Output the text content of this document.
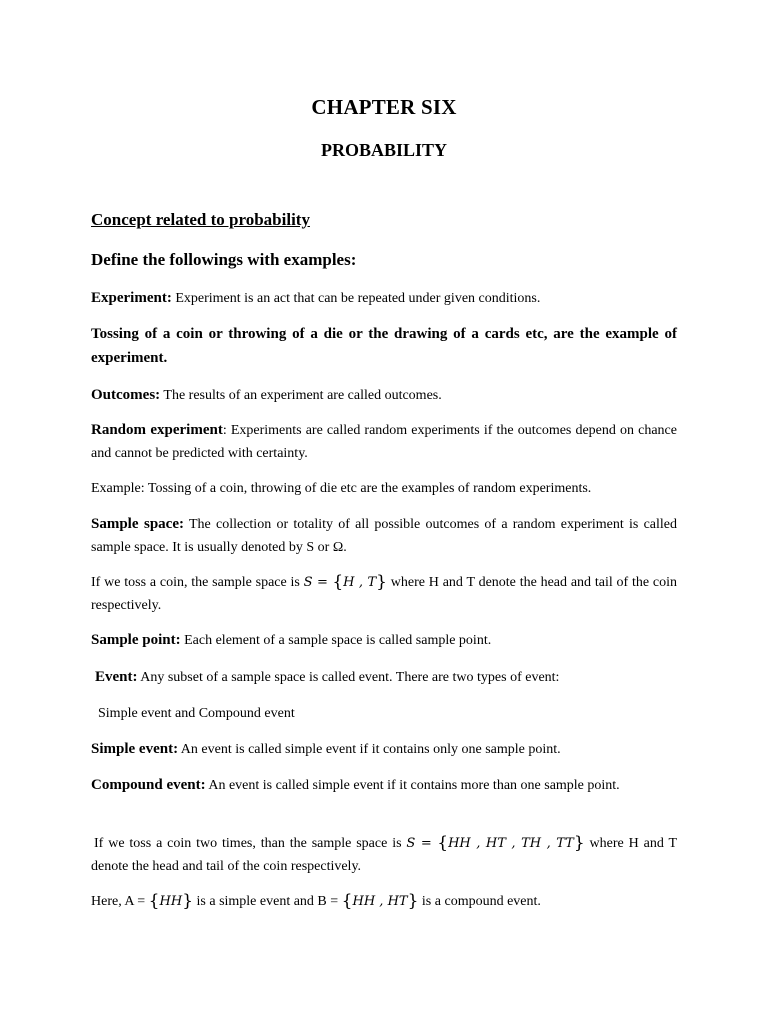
CHAPTER SIX
PROBABILITY
Concept related to probability
Define the followings with examples:
Experiment: Experiment is an act that can be repeated under given conditions.
Tossing of a coin or throwing of a die or the drawing of a cards etc, are the example of experiment.
Outcomes: The results of an experiment are called outcomes.
Random experiment: Experiments are called random experiments if the outcomes depend on chance and cannot be predicted with certainty.
Example: Tossing of a coin, throwing of die etc are the examples of random experiments.
Sample space: The collection or totality of all possible outcomes of a random experiment is called sample space. It is usually denoted by S or Ω.
If we toss a coin, the sample space is S = {H , T} where H and T denote the head and tail of the coin respectively.
Sample point: Each element of a sample space is called sample point.
Event: Any subset of a sample space is called event. There are two types of event:
Simple event and Compound event
Simple event: An event is called simple event if it contains only one sample point.
Compound event: An event is called simple event if it contains more than one sample point.
If we toss a coin two times, than the sample space is S = {HH , HT , TH , TT} where H and T denote the head and tail of the coin respectively.
Here, A = {HH} is a simple event and B = {HH , HT} is a compound event.
